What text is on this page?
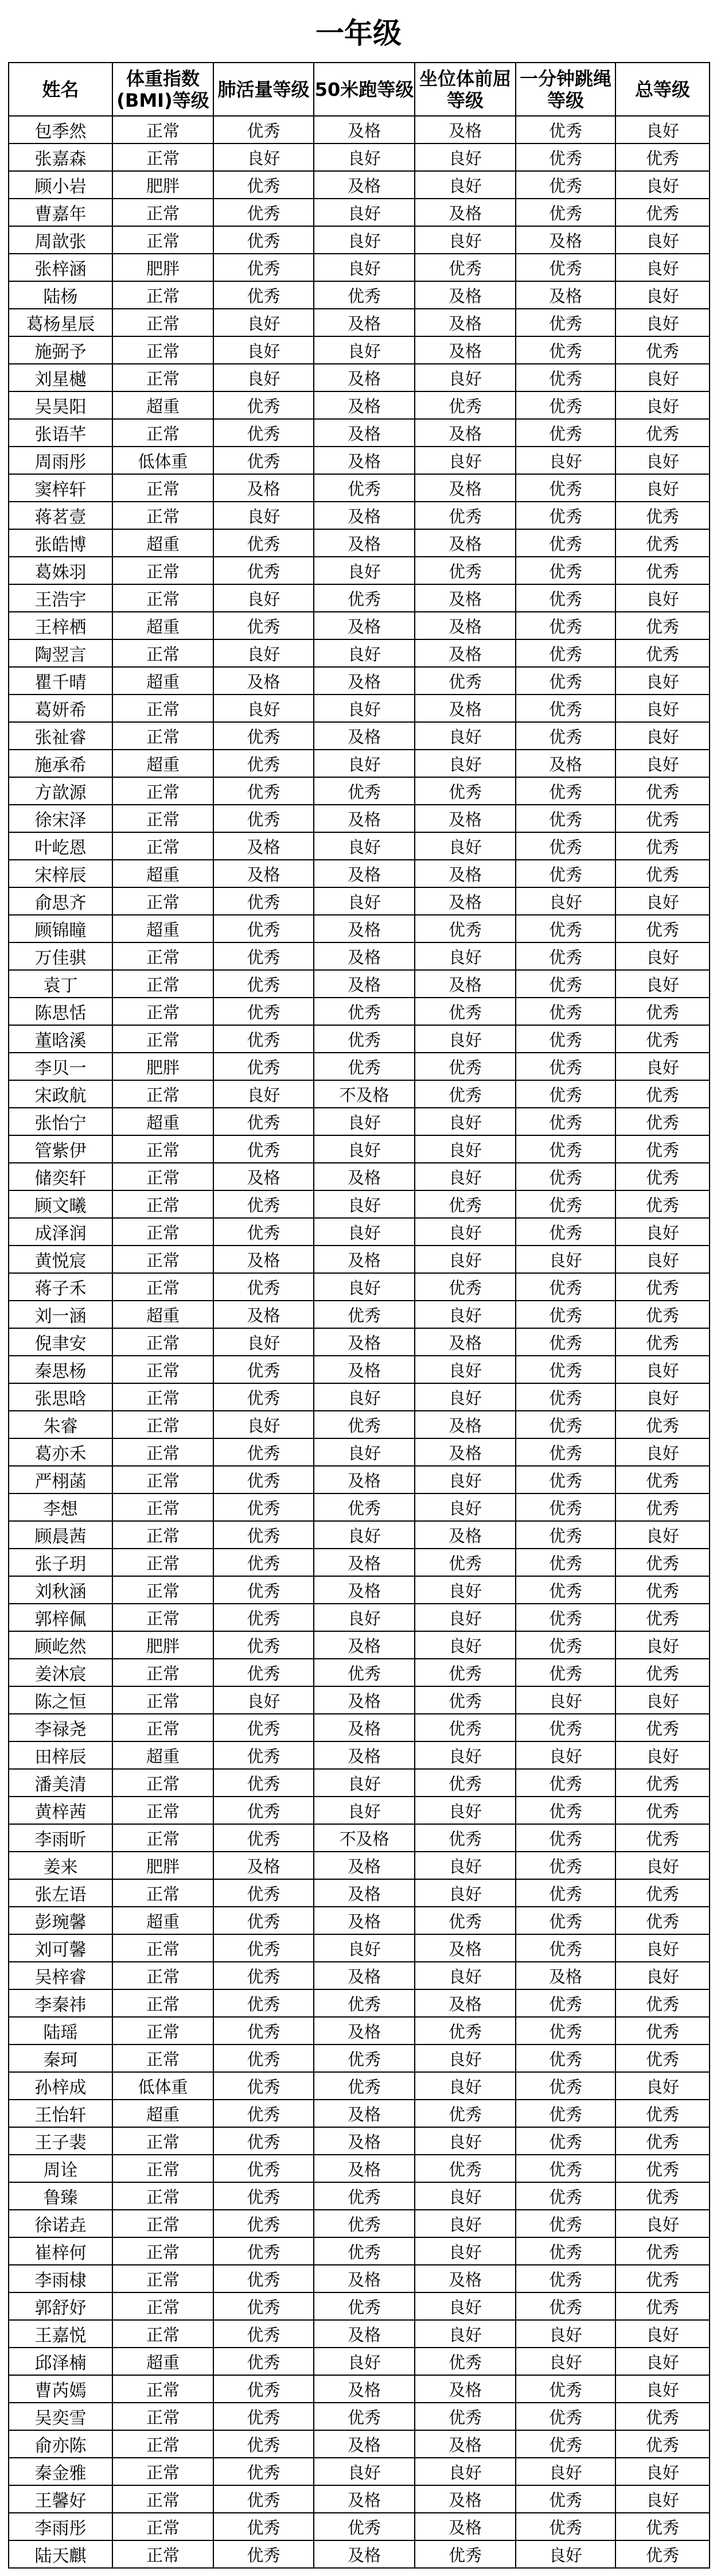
一年级
姓名	体重指数(BMI)等级	肺活量等级	50米跑等级	坐位体前屈等级	一分钟跳绳等级	总等级
包季然	正常	优秀	及格	及格	优秀	良好
张嘉森	正常	良好	良好	良好	优秀	优秀
顾小岩	肥胖	优秀	及格	良好	优秀	良好
曹嘉年	正常	优秀	良好	及格	优秀	优秀
周歆张	正常	优秀	良好	良好	及格	良好
张梓涵	肥胖	优秀	良好	优秀	优秀	良好
陆杨	正常	优秀	优秀	及格	及格	良好
葛杨星辰	正常	良好	及格	及格	优秀	良好
施弼予	正常	良好	良好	及格	优秀	优秀
刘星樾	正常	良好	及格	良好	优秀	良好
吴昊阳	超重	优秀	及格	优秀	优秀	良好
张语芊	正常	优秀	及格	及格	优秀	优秀
周雨彤	低体重	优秀	及格	良好	良好	良好
窦梓轩	正常	及格	优秀	及格	优秀	良好
蒋茗壹	正常	良好	及格	优秀	优秀	优秀
张皓博	超重	优秀	及格	及格	优秀	优秀
葛姝羽	正常	优秀	良好	优秀	优秀	优秀
王浩宇	正常	良好	优秀	及格	优秀	良好
王梓栖	超重	优秀	及格	及格	优秀	优秀
陶翌言	正常	良好	良好	及格	优秀	优秀
瞿千晴	超重	及格	及格	优秀	优秀	良好
葛妍希	正常	良好	良好	及格	优秀	良好
张祉睿	正常	优秀	及格	良好	优秀	良好
施承希	超重	优秀	良好	良好	及格	良好
方歆源	正常	优秀	优秀	优秀	优秀	优秀
徐宋泽	正常	优秀	及格	及格	优秀	优秀
叶屹恩	正常	及格	良好	良好	优秀	优秀
宋梓辰	超重	及格	及格	及格	优秀	优秀
俞思齐	正常	优秀	良好	及格	良好	良好
顾锦瞳	超重	优秀	及格	优秀	优秀	优秀
万佳骐	正常	优秀	及格	良好	优秀	良好
袁丁	正常	优秀	及格	及格	优秀	良好
陈思恬	正常	优秀	优秀	优秀	优秀	优秀
董晗溪	正常	优秀	优秀	良好	优秀	优秀
李贝一	肥胖	优秀	优秀	优秀	优秀	良好
宋政航	正常	良好	不及格	优秀	优秀	优秀
张怡宁	超重	优秀	良好	良好	优秀	优秀
管紫伊	正常	优秀	良好	良好	优秀	优秀
储奕轩	正常	及格	及格	良好	优秀	优秀
顾文曦	正常	优秀	良好	优秀	优秀	优秀
成泽润	正常	优秀	良好	良好	优秀	良好
黄悦宸	正常	及格	及格	良好	良好	良好
蒋子禾	正常	优秀	良好	优秀	优秀	优秀
刘一涵	超重	及格	优秀	良好	优秀	优秀
倪聿安	正常	良好	及格	及格	优秀	优秀
秦思杨	正常	优秀	及格	良好	优秀	良好
张思晗	正常	优秀	良好	良好	优秀	良好
朱睿	正常	良好	优秀	及格	优秀	优秀
葛亦禾	正常	优秀	良好	及格	优秀	良好
严栩菡	正常	优秀	及格	良好	优秀	优秀
李想	正常	优秀	优秀	良好	优秀	优秀
顾晨茜	正常	优秀	良好	及格	优秀	良好
张子玥	正常	优秀	及格	优秀	优秀	优秀
刘秋涵	正常	优秀	及格	良好	优秀	优秀
郭梓佩	正常	优秀	良好	良好	优秀	优秀
顾屹然	肥胖	优秀	及格	良好	优秀	良好
姜沐宸	正常	优秀	优秀	优秀	优秀	优秀
陈之恒	正常	良好	及格	优秀	良好	良好
李禄尧	正常	优秀	及格	优秀	优秀	优秀
田梓辰	超重	优秀	及格	良好	良好	良好
潘美清	正常	优秀	良好	优秀	优秀	优秀
黄梓茜	正常	优秀	良好	良好	优秀	优秀
李雨昕	正常	优秀	不及格	优秀	优秀	优秀
姜来	肥胖	及格	及格	良好	优秀	良好
张左语	正常	优秀	及格	良好	优秀	优秀
彭琬馨	超重	优秀	及格	优秀	优秀	优秀
刘可馨	正常	优秀	良好	及格	优秀	良好
吴梓睿	正常	优秀	及格	良好	及格	良好
李秦祎	正常	优秀	优秀	及格	优秀	优秀
陆瑶	正常	优秀	及格	优秀	优秀	优秀
秦珂	正常	优秀	优秀	良好	优秀	优秀
孙梓成	低体重	优秀	优秀	良好	优秀	良好
王怡轩	超重	优秀	及格	优秀	优秀	优秀
王子裴	正常	优秀	及格	良好	优秀	优秀
周诠	正常	优秀	及格	优秀	优秀	优秀
鲁臻	正常	优秀	优秀	良好	优秀	优秀
徐诺垚	正常	优秀	优秀	良好	优秀	良好
崔梓何	正常	优秀	优秀	良好	优秀	优秀
李雨棣	正常	优秀	及格	及格	优秀	优秀
郭舒妤	正常	优秀	优秀	良好	优秀	优秀
王嘉悦	正常	优秀	及格	良好	良好	良好
邱泽楠	超重	优秀	良好	优秀	良好	良好
曹芮嫣	正常	优秀	及格	及格	优秀	良好
吴奕雪	正常	优秀	优秀	优秀	优秀	优秀
俞亦陈	正常	优秀	及格	及格	优秀	优秀
秦金雅	正常	优秀	良好	良好	良好	良好
王馨好	正常	优秀	及格	及格	优秀	良好
李雨彤	正常	优秀	优秀	及格	优秀	优秀
陆天麒	正常	优秀	及格	优秀	良好	优秀
